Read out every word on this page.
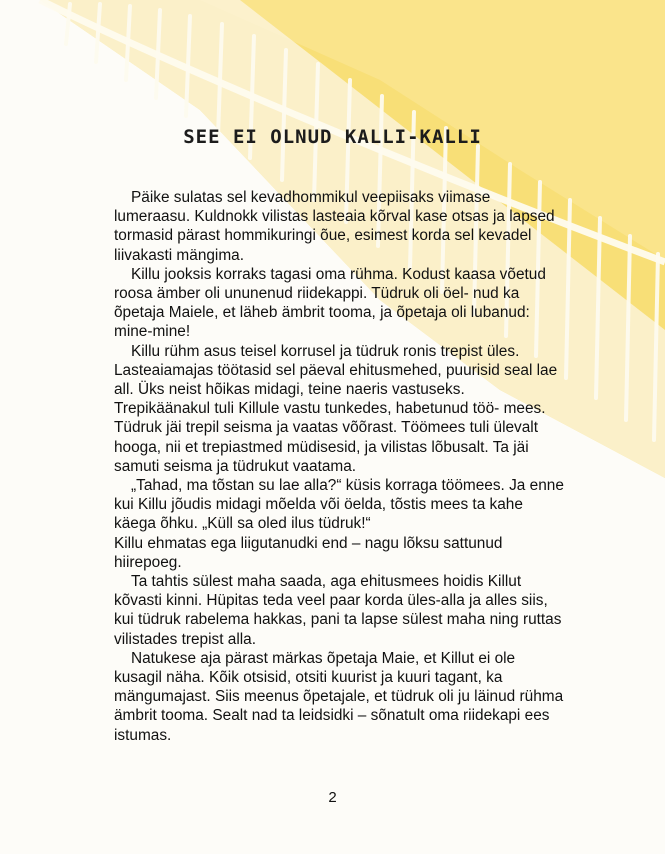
SEE EI OLNUD KALLI-KALLI

Päike sulatas sel kevadhommikul veepiisaks viimase lumeraasu. Kuldnokk vilistas lasteaia kõrval kase otsas ja lapsed tormasid pärast hommikuringi õue, esimest korda sel kevadel liivakasti mängima.

Killu jooksis korraks tagasi oma rühma. Kodust kaasa võetud roosa ämber oli ununenud riidekappi. Tüdruk oli öel- nud ka õpetaja Maiele, et läheb ämbrit tooma, ja õpetaja oli lubanud: mine-mine!

Killu rühm asus teisel korrusel ja tüdruk ronis trepist üles. Lasteaiamajas töötasid sel päeval ehitusmehed, puurisid seal lae all. Üks neist hõikas midagi, teine naeris vastuseks. Trepikäänakul tuli Killule vastu tunkedes, habetunud töö- mees. Tüdruk jäi trepil seisma ja vaatas võõrast. Töömees tuli ülevalt hooga, nii et trepiastmed müdisesid, ja vilistas lõbusalt. Ta jäi samuti seisma ja tüdrukut vaatama.

„Tahad, ma tõstan su lae alla?“ küsis korraga töömees. Ja enne kui Killu jõudis midagi mõelda või öelda, tõstis mees ta kahe käega õhku. „Küll sa oled ilus tüdruk!“

Killu ehmatas ega liigutanudki end – nagu lõksu sattunud hiirepoeg.

Ta tahtis sülest maha saada, aga ehitusmees hoidis Killut kõvasti kinni. Hüpitas teda veel paar korda üles-alla ja alles siis, kui tüdruk rabelema hakkas, pani ta lapse sülest maha ning ruttas vilistades trepist alla.

Natukese aja pärast märkas õpetaja Maie, et Killut ei ole kusagil näha. Kõik otsisid, otsiti kuurist ja kuuri tagant, ka mängumajast. Siis meenus õpetajale, et tüdruk oli ju läinud rühma ämbrit tooma. Sealt nad ta leidsidki – sõnatult oma riidekapi ees istumas.

2
